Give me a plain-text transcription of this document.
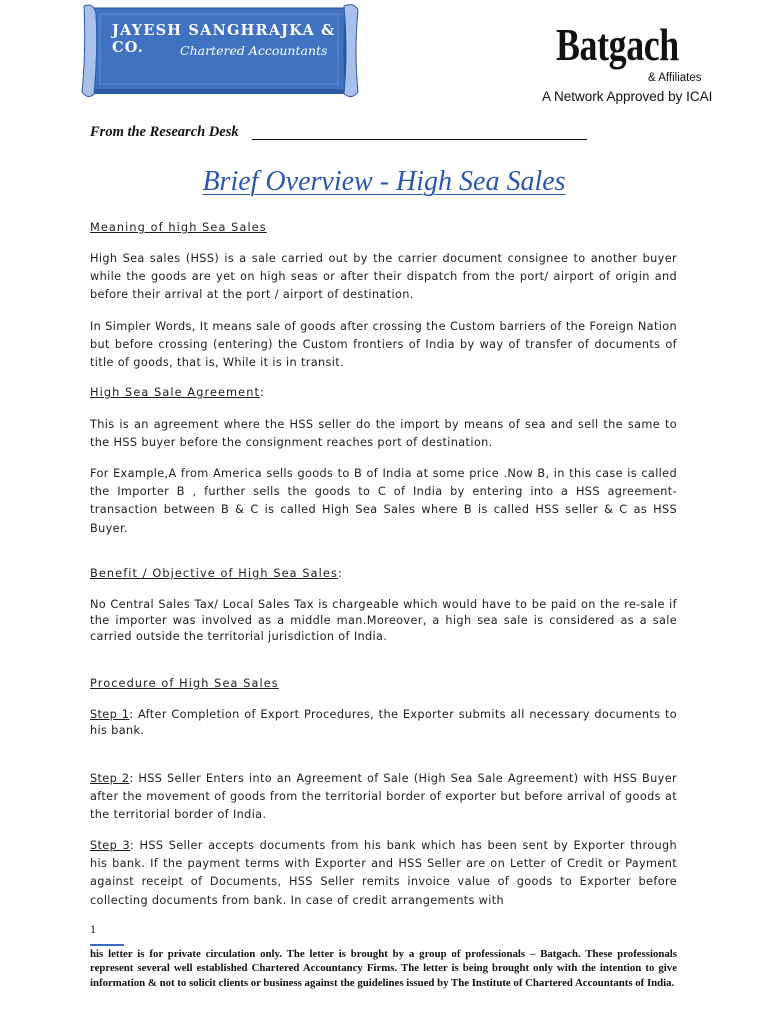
JAYESH SANGHRAJKA & CO.	Chartered Accountants	Batgach
& Affiliates
A Network Approved by ICAI
From the Research Desk
Brief Overview - High Sea Sales
Meaning of high Sea Sales

High Sea sales (HSS) is a sale carried out by the carrier document consignee to another buyer while the goods are yet on high seas or after their dispatch from the port/ airport of origin and before their arrival at the port / airport of destination.

In Simpler Words, It means sale of goods after crossing the Custom barriers of the Foreign Nation but before crossing (entering) the Custom frontiers of India by way of transfer of documents of title of goods, that is, While it is in transit.

High Sea Sale Agreement:

This is an agreement where the HSS seller do the import by means of sea and sell the same to the HSS buyer before the consignment reaches port of destination.

For Example,A from America sells goods to B of India at some price .Now B, in this case is called the Importer B , further sells the goods to C of India by entering into a HSS agreement-transaction between B & C is called High Sea Sales where B is called HSS seller & C as HSS Buyer.

Benefit / Objective of High Sea Sales:

No Central Sales Tax/ Local Sales Tax is chargeable which would have to be paid on the re-sale if the importer was involved as a middle man.Moreover, a high sea sale is considered as a sale carried outside the territorial jurisdiction of India.

Procedure of High Sea Sales

Step 1: After Completion of Export Procedures, the Exporter submits all necessary documents to his bank.

Step 2: HSS Seller Enters into an Agreement of Sale (High Sea Sale Agreement) with HSS Buyer after the movement of goods from the territorial border of exporter but before arrival of goods at the territorial border of India.

Step 3: HSS Seller accepts documents from his bank which has been sent by Exporter through his bank. If the payment terms with Exporter and HSS Seller are on Letter of Credit or Payment against receipt of Documents, HSS Seller remits invoice value of goods to Exporter before collecting documents from bank. In case of credit arrangements with

1

his letter is for private circulation only. The letter is brought by a group of professionals – Batgach. These professionals represent several well established Chartered Accountancy Firms. The letter is being brought only with the intention to give information & not to solicit clients or business against the guidelines issued by The Institute of Chartered Accountants of India.
